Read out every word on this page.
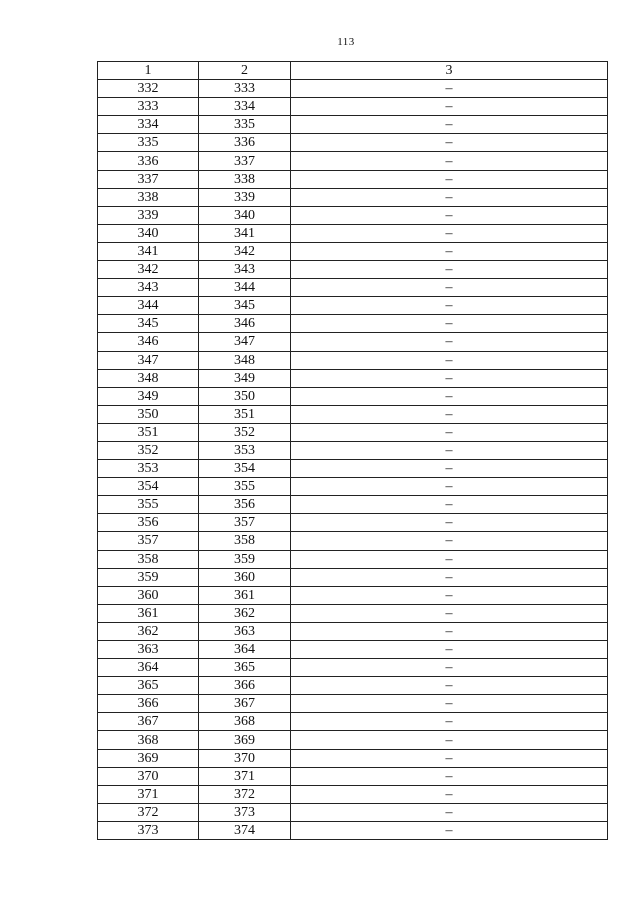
113
1	2	3
332	333	–
333	334	–
334	335	–
335	336	–
336	337	–
337	338	–
338	339	–
339	340	–
340	341	–
341	342	–
342	343	–
343	344	–
344	345	–
345	346	–
346	347	–
347	348	–
348	349	–
349	350	–
350	351	–
351	352	–
352	353	–
353	354	–
354	355	–
355	356	–
356	357	–
357	358	–
358	359	–
359	360	–
360	361	–
361	362	–
362	363	–
363	364	–
364	365	–
365	366	–
366	367	–
367	368	–
368	369	–
369	370	–
370	371	–
371	372	–
372	373	–
373	374	–
